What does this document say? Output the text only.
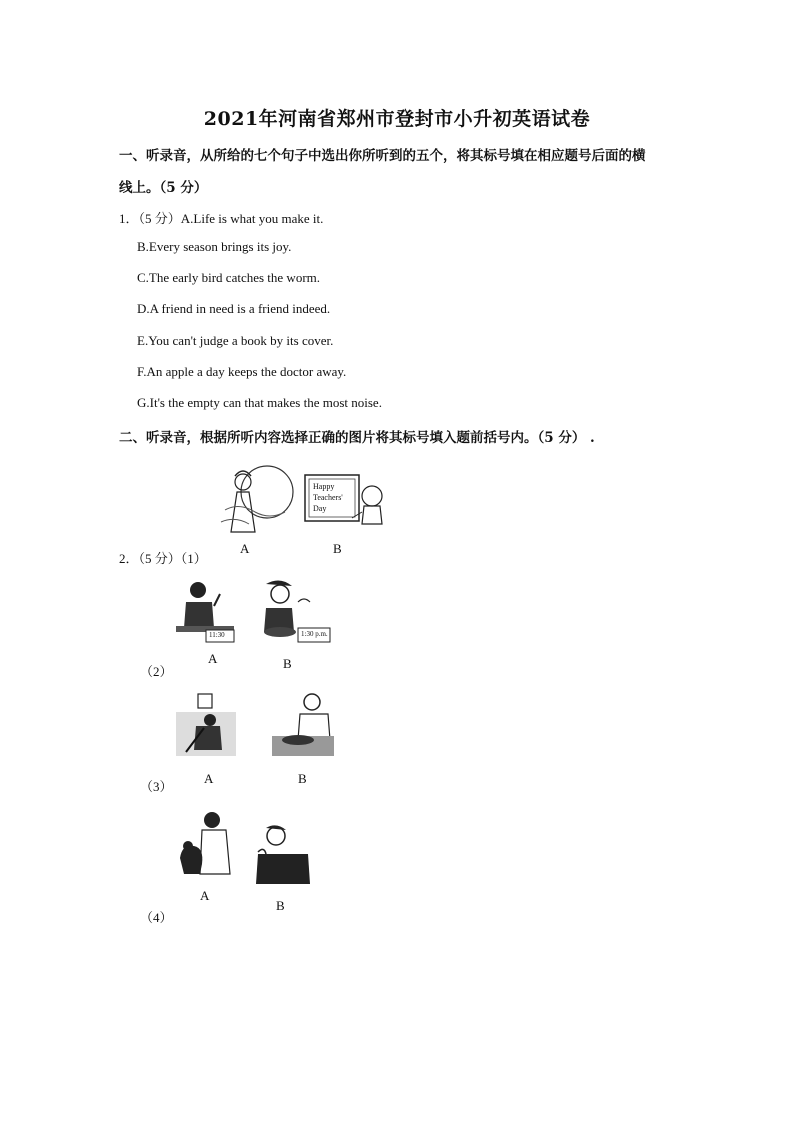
2021年河南省郑州市登封市小升初英语试卷
一、听录音，从所给的七个句子中选出你所听到的五个，将其标号填在相应题号后面的横
线上。（5 分）
1．（5 分）A.Life is what you make it.
B.Every season brings its joy.
C.The early bird catches the worm.
D.A friend in need is a friend indeed.
E.You can't judge a book by its cover.
F.An apple a day keeps the doctor away.
G.It's the empty can that makes the most noise.
二、听录音，根据所听内容选择正确的图片将其标号填入题前括号内。（5 分） .
Happy
Teachers'
Day
A	B
2．（5 分）（1）
11:30	1:30 p.m.
A	B
（2）
A	B
（3）
A
B
（4）
